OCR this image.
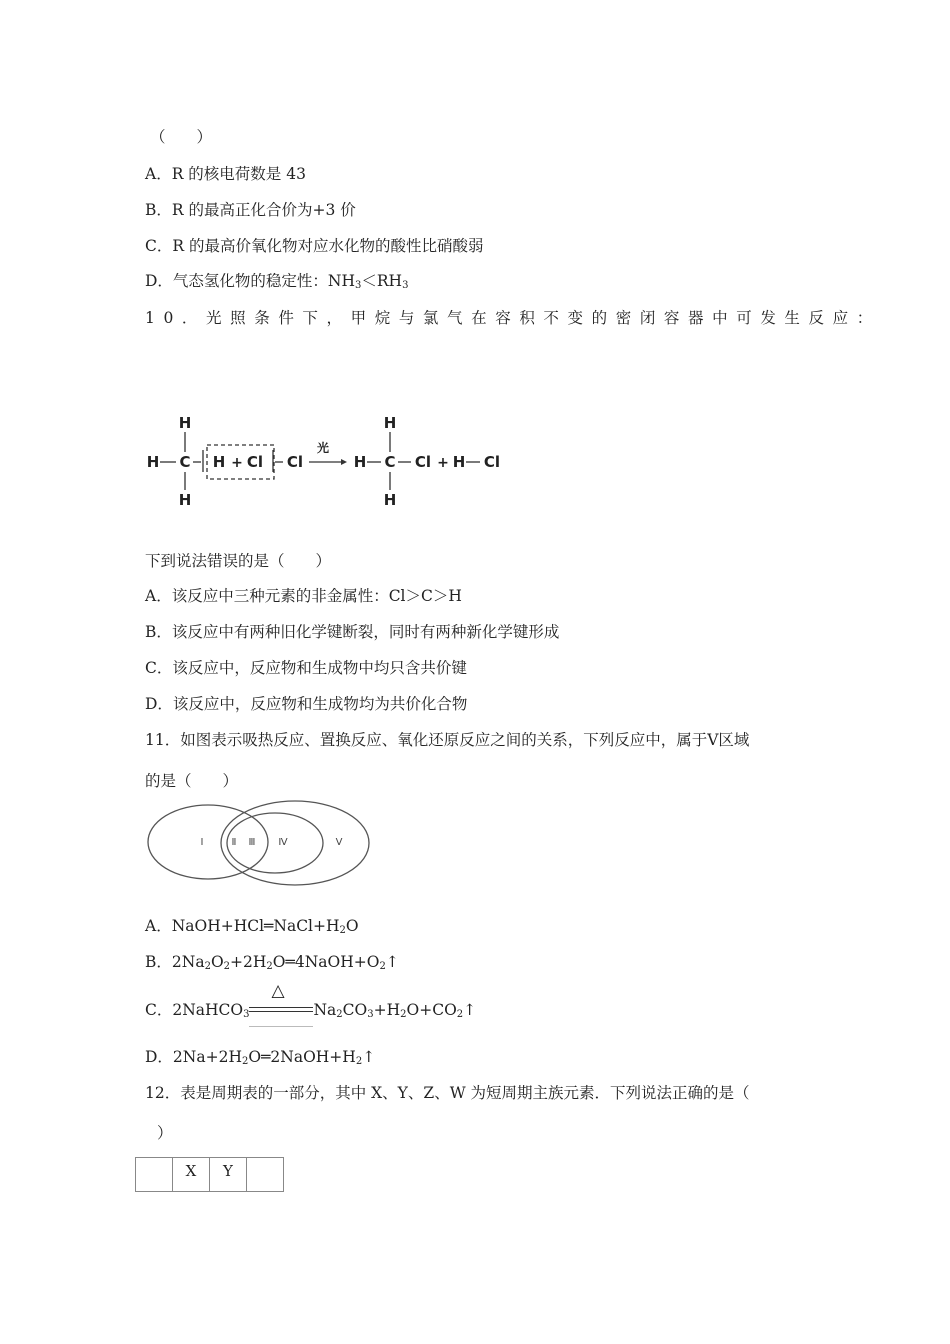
（　　）
A．R 的核电荷数是 43
B．R 的最高正化合价为+3 价
C．R 的最高价氧化物对应水化物的酸性比硝酸弱
D．气态氢化物的稳定性：$NH_3<RH_3$
10．光照条件下，甲烷与氯气在容积不变的密闭容器中可发生反应：
H
H C
H
H + Cl Cl
光
H
H
C
H
Cl + H Cl
下到说法错误的是（　　）
A．该反应中三种元素的非金属性：Cl＞C＞H
B．该反应中有两种旧化学键断裂，同时有两种新化学键形成
C．该反应中，反应物和生成物中均只含共价键
D．该反应中，反应物和生成物均为共价化合物
11．如图表示吸热反应、置换反应、氧化还原反应之间的关系，下列反应中，属于Ⅴ区域
的是（　　）
Ⅰ	Ⅱ Ⅲ Ⅳ	Ⅴ
A．$NaOH+HCl═NaCl+H_2O$
B．$2Na_2O_2+2H_2O═4NaOH+O_2↑$
C．2NaHCO$_3$
△
$Na_2CO_3+H_2O+CO_2↑$
D．$2Na+2H_2O═2NaOH+H_2↑$
12．表是周期表的一部分，其中 X、Y、Z、W 为短周期主族元素．下列说法正确的是（
）
	X	Y	
